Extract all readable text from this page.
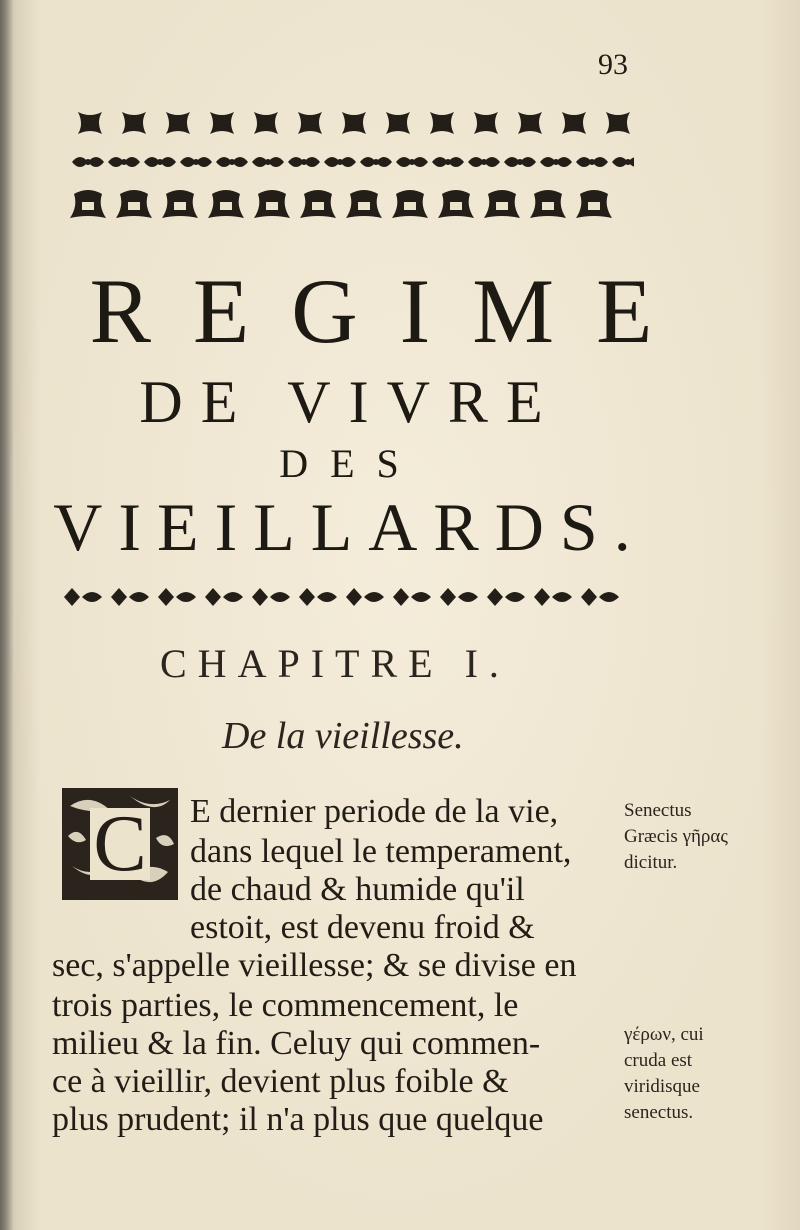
93
REGIME
DE VIVRE
DES
VIEILLARDS.
CHAPITRE I.
De la vieillesse.
C E dernier periode de la vie,
dans lequel le temperament,
de chaud & humide qu'il
estoit, est devenu froid &
sec, s'appelle vieillesse; & se divise en
trois parties, le commencement, le
milieu & la fin. Celuy qui commen-
ce à vieillir, devient plus foible &
plus prudent; il n'a plus que quelque
Senectus
Græcis γῆρας
dicitur.
γέρων, cui
cruda est
viridisque
senectus.
